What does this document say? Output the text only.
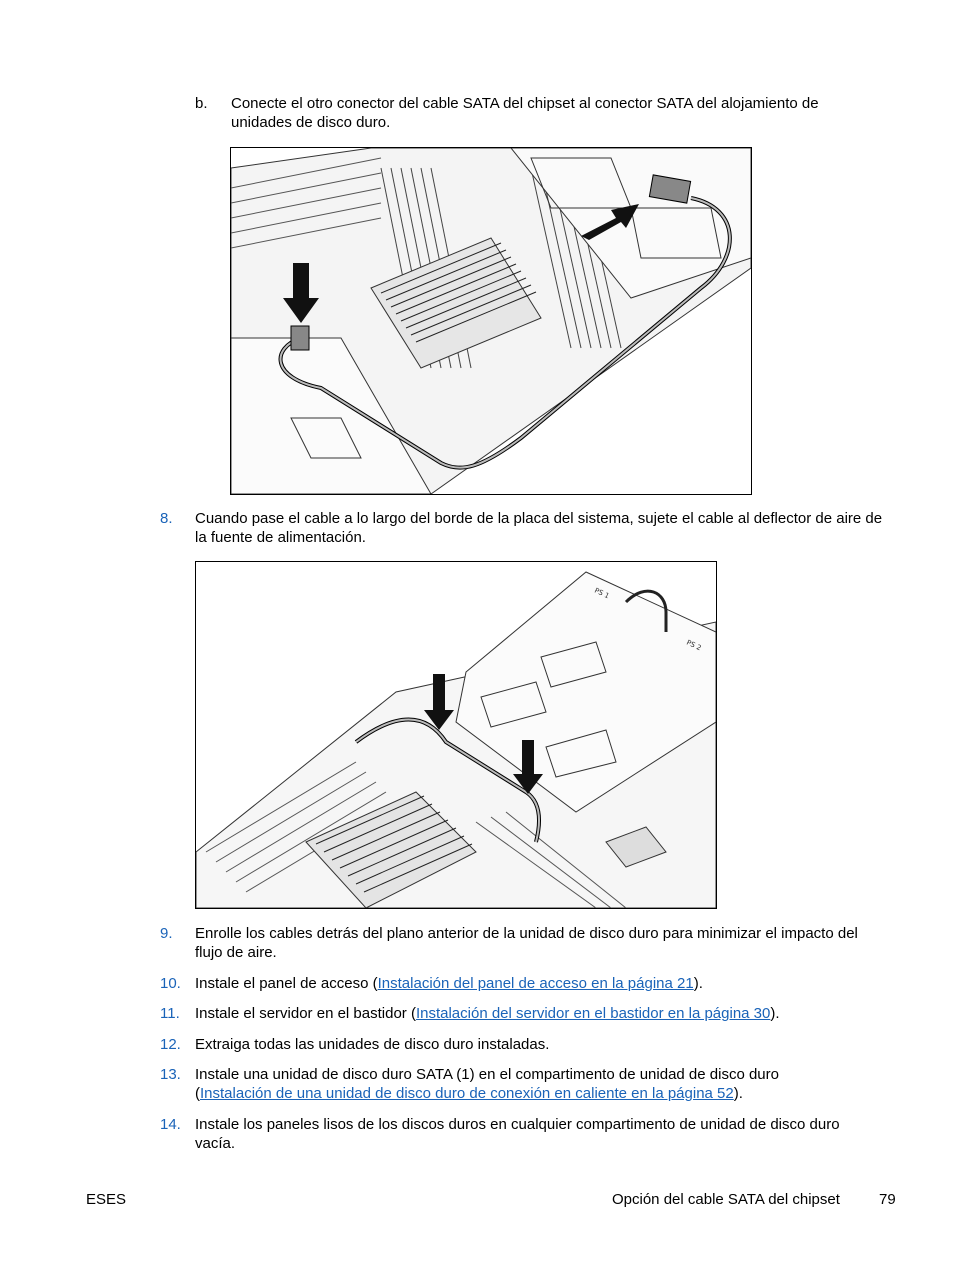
b. Conecte el otro conector del cable SATA del chipset al conector SATA del alojamiento de unidades de disco duro.
8. Cuando pase el cable a lo largo del borde de la placa del sistema, sujete el cable al deflector de aire de la fuente de alimentación.
PS 1
PS 2
9. Enrolle los cables detrás del plano anterior de la unidad de disco duro para minimizar el impacto del flujo de aire.
10. Instale el panel de acceso (Instalación del panel de acceso en la página 21).
11. Instale el servidor en el bastidor (Instalación del servidor en el bastidor en la página 30).
12. Extraiga todas las unidades de disco duro instaladas.
13. Instale una unidad de disco duro SATA (1) en el compartimento de unidad de disco duro
(Instalación de una unidad de disco duro de conexión en caliente en la página 52).
14. Instale los paneles lisos de los discos duros en cualquier compartimento de unidad de disco duro vacía.
ESES	Opción del cable SATA del chipset	79
